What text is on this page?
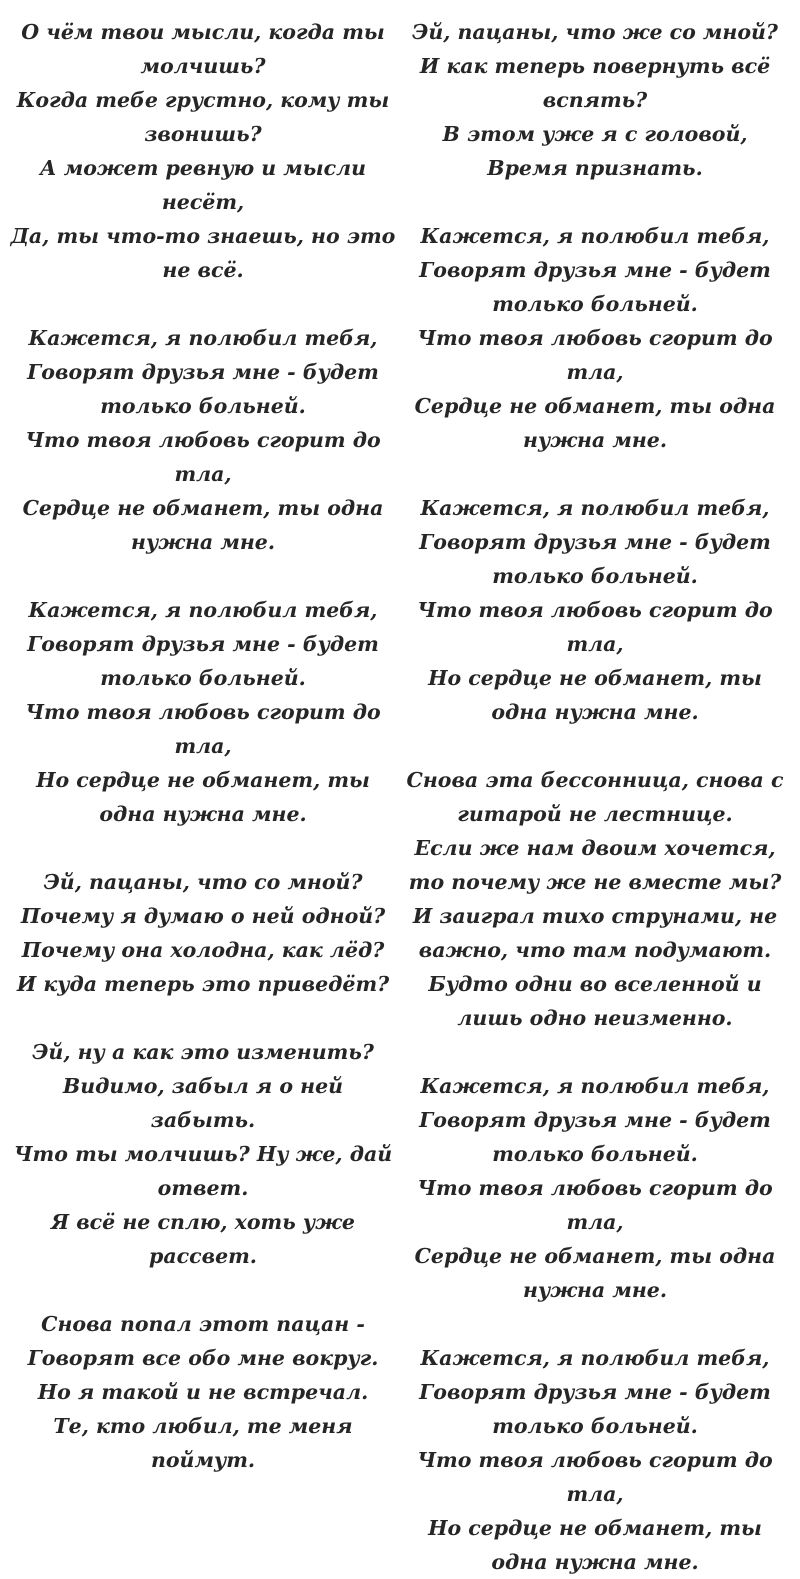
О чём твои мысли, когда ты молчишь?
Когда тебе грустно, кому ты звонишь?
А может ревную и мысли несёт,
Да, ты что-то знаешь, но это не всё.
Кажется, я полюбил тебя,
Говорят друзья мне - будет только больней.
Что твоя любовь сгорит до тла,
Сердце не обманет, ты одна нужна мне.
Кажется, я полюбил тебя,
Говорят друзья мне - будет только больней.
Что твоя любовь сгорит до тла,
Но сердце не обманет, ты одна нужна мне.
Эй, пацаны, что со мной?
Почему я думаю о ней одной?
Почему она холодна, как лёд?
И куда теперь это приведёт?
Эй, ну а как это изменить?
Видимо, забыл я о ней забыть.
Что ты молчишь? Ну же, дай ответ.
Я всё не сплю, хоть уже рассвет.
Снова попал этот пацан -
Говорят все обо мне вокруг.
Но я такой и не встречал.
Те, кто любил, те меня поймут.
Эй, пацаны, что же со мной?
И как теперь повернуть всё вспять?
В этом уже я с головой,
Время признать.
Кажется, я полюбил тебя,
Говорят друзья мне - будет только больней.
Что твоя любовь сгорит до тла,
Сердце не обманет, ты одна нужна мне.
Кажется, я полюбил тебя,
Говорят друзья мне - будет только больней.
Что твоя любовь сгорит до тла,
Но сердце не обманет, ты одна нужна мне.
Снова эта бессонница, снова с гитарой не лестнице.
Если же нам двоим хочется, то почему же не вместе мы?
И заиграл тихо струнами, не важно, что там подумают.
Будто одни во вселенной и лишь одно неизменно.
Кажется, я полюбил тебя,
Говорят друзья мне - будет только больней.
Что твоя любовь сгорит до тла,
Сердце не обманет, ты одна нужна мне.
Кажется, я полюбил тебя,
Говорят друзья мне - будет только больней.
Что твоя любовь сгорит до тла,
Но сердце не обманет, ты одна нужна мне.
